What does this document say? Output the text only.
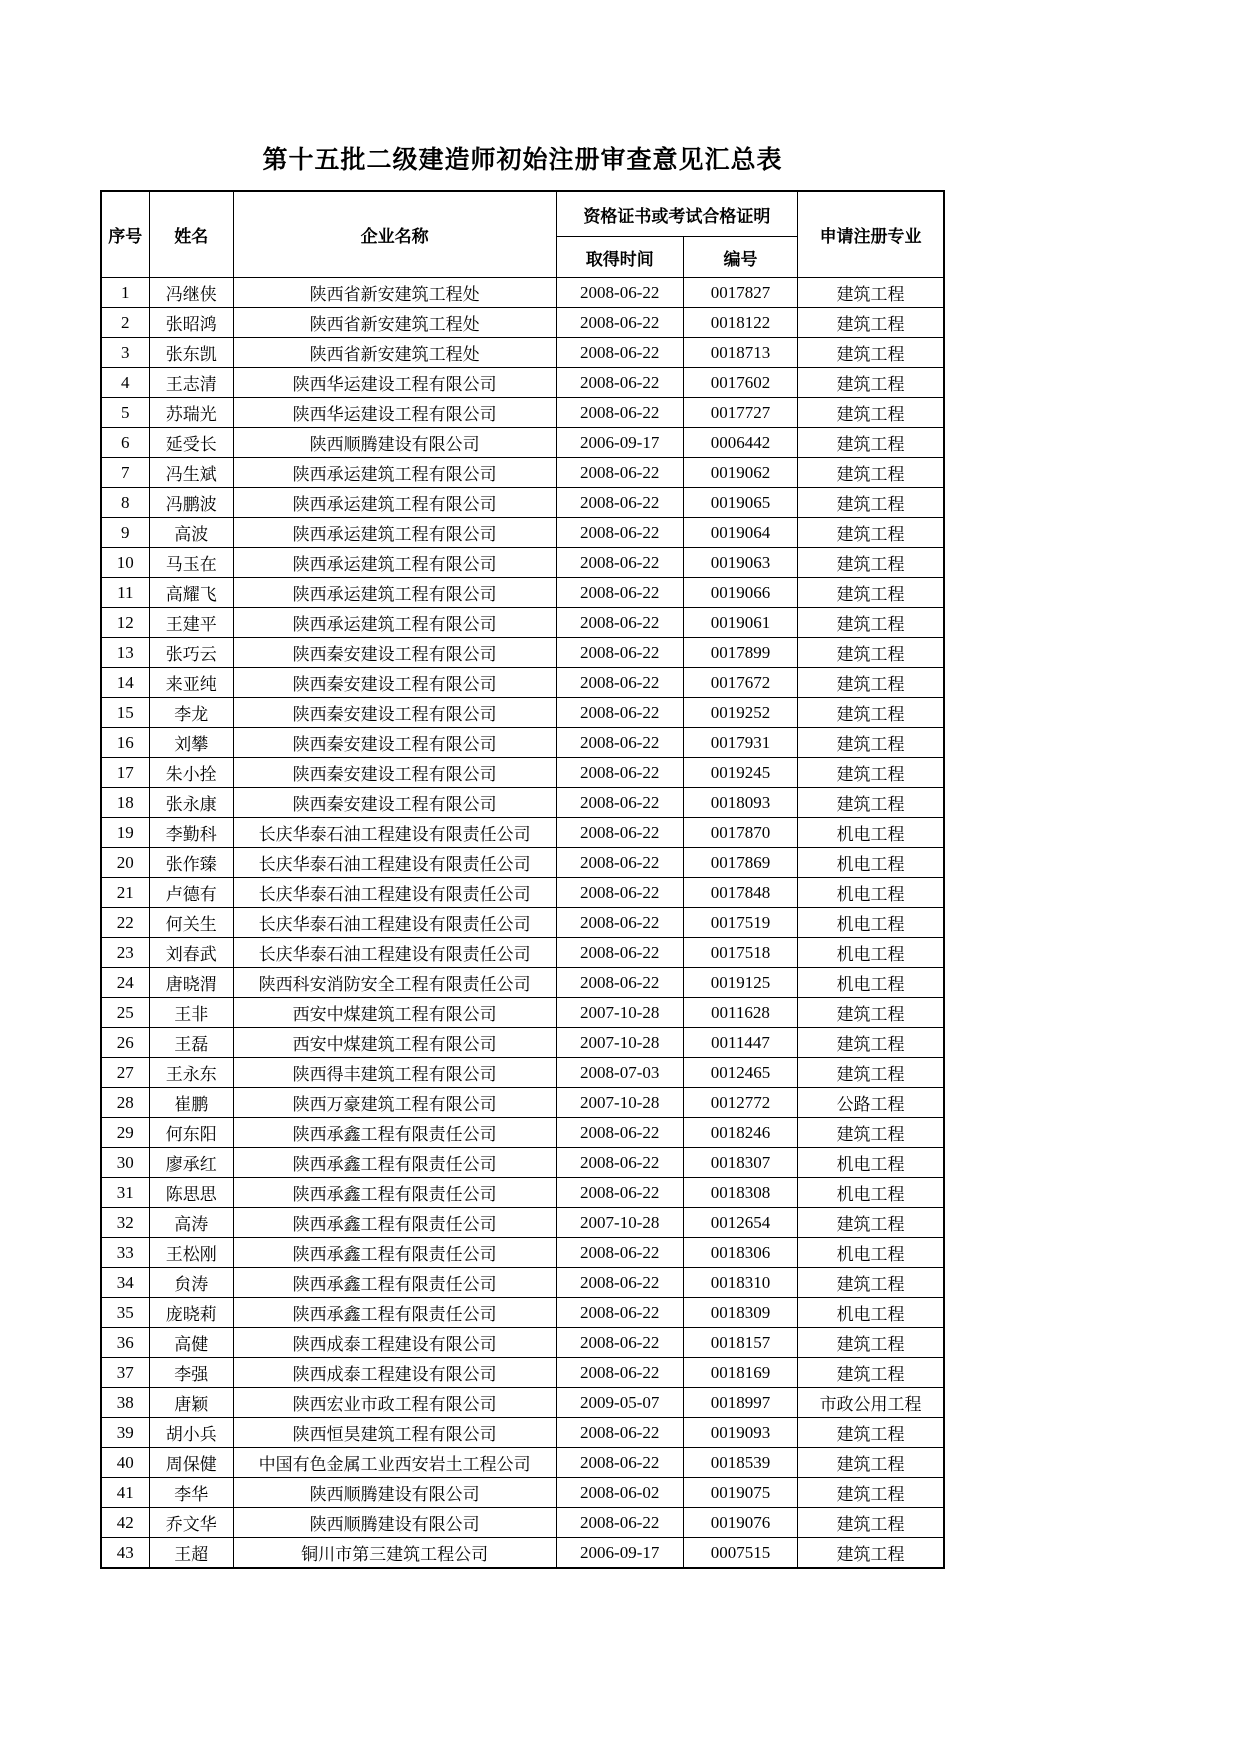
第十五批二级建造师初始注册审查意见汇总表
序号	姓名	企业名称	资格证书或考试合格证明		申请注册专业
			取得时间	编号	
1	冯继侠	陕西省新安建筑工程处	2008-06-22	0017827	建筑工程
2	张昭鸿	陕西省新安建筑工程处	2008-06-22	0018122	建筑工程
3	张东凯	陕西省新安建筑工程处	2008-06-22	0018713	建筑工程
4	王志清	陕西华运建设工程有限公司	2008-06-22	0017602	建筑工程
5	苏瑞光	陕西华运建设工程有限公司	2008-06-22	0017727	建筑工程
6	延受长	陕西顺腾建设有限公司	2006-09-17	0006442	建筑工程
7	冯生斌	陕西承运建筑工程有限公司	2008-06-22	0019062	建筑工程
8	冯鹏波	陕西承运建筑工程有限公司	2008-06-22	0019065	建筑工程
9	高波	陕西承运建筑工程有限公司	2008-06-22	0019064	建筑工程
10	马玉在	陕西承运建筑工程有限公司	2008-06-22	0019063	建筑工程
11	高耀飞	陕西承运建筑工程有限公司	2008-06-22	0019066	建筑工程
12	王建平	陕西承运建筑工程有限公司	2008-06-22	0019061	建筑工程
13	张巧云	陕西秦安建设工程有限公司	2008-06-22	0017899	建筑工程
14	来亚纯	陕西秦安建设工程有限公司	2008-06-22	0017672	建筑工程
15	李龙	陕西秦安建设工程有限公司	2008-06-22	0019252	建筑工程
16	刘攀	陕西秦安建设工程有限公司	2008-06-22	0017931	建筑工程
17	朱小拴	陕西秦安建设工程有限公司	2008-06-22	0019245	建筑工程
18	张永康	陕西秦安建设工程有限公司	2008-06-22	0018093	建筑工程
19	李勤科	长庆华泰石油工程建设有限责任公司	2008-06-22	0017870	机电工程
20	张作臻	长庆华泰石油工程建设有限责任公司	2008-06-22	0017869	机电工程
21	卢德有	长庆华泰石油工程建设有限责任公司	2008-06-22	0017848	机电工程
22	何关生	长庆华泰石油工程建设有限责任公司	2008-06-22	0017519	机电工程
23	刘春武	长庆华泰石油工程建设有限责任公司	2008-06-22	0017518	机电工程
24	唐晓渭	陕西科安消防安全工程有限责任公司	2008-06-22	0019125	机电工程
25	王非	西安中煤建筑工程有限公司	2007-10-28	0011628	建筑工程
26	王磊	西安中煤建筑工程有限公司	2007-10-28	0011447	建筑工程
27	王永东	陕西得丰建筑工程有限公司	2008-07-03	0012465	建筑工程
28	崔鹏	陕西万豪建筑工程有限公司	2007-10-28	0012772	公路工程
29	何东阳	陕西承鑫工程有限责任公司	2008-06-22	0018246	建筑工程
30	廖承红	陕西承鑫工程有限责任公司	2008-06-22	0018307	机电工程
31	陈思思	陕西承鑫工程有限责任公司	2008-06-22	0018308	机电工程
32	高涛	陕西承鑫工程有限责任公司	2007-10-28	0012654	建筑工程
33	王松刚	陕西承鑫工程有限责任公司	2008-06-22	0018306	机电工程
34	贠涛	陕西承鑫工程有限责任公司	2008-06-22	0018310	建筑工程
35	庞晓莉	陕西承鑫工程有限责任公司	2008-06-22	0018309	机电工程
36	高健	陕西成泰工程建设有限公司	2008-06-22	0018157	建筑工程
37	李强	陕西成泰工程建设有限公司	2008-06-22	0018169	建筑工程
38	唐颖	陕西宏业市政工程有限公司	2009-05-07	0018997	市政公用工程
39	胡小兵	陕西恒昊建筑工程有限公司	2008-06-22	0019093	建筑工程
40	周保健	中国有色金属工业西安岩土工程公司	2008-06-22	0018539	建筑工程
41	李华	陕西顺腾建设有限公司	2008-06-02	0019075	建筑工程
42	乔文华	陕西顺腾建设有限公司	2008-06-22	0019076	建筑工程
43	王超	铜川市第三建筑工程公司	2006-09-17	0007515	建筑工程
